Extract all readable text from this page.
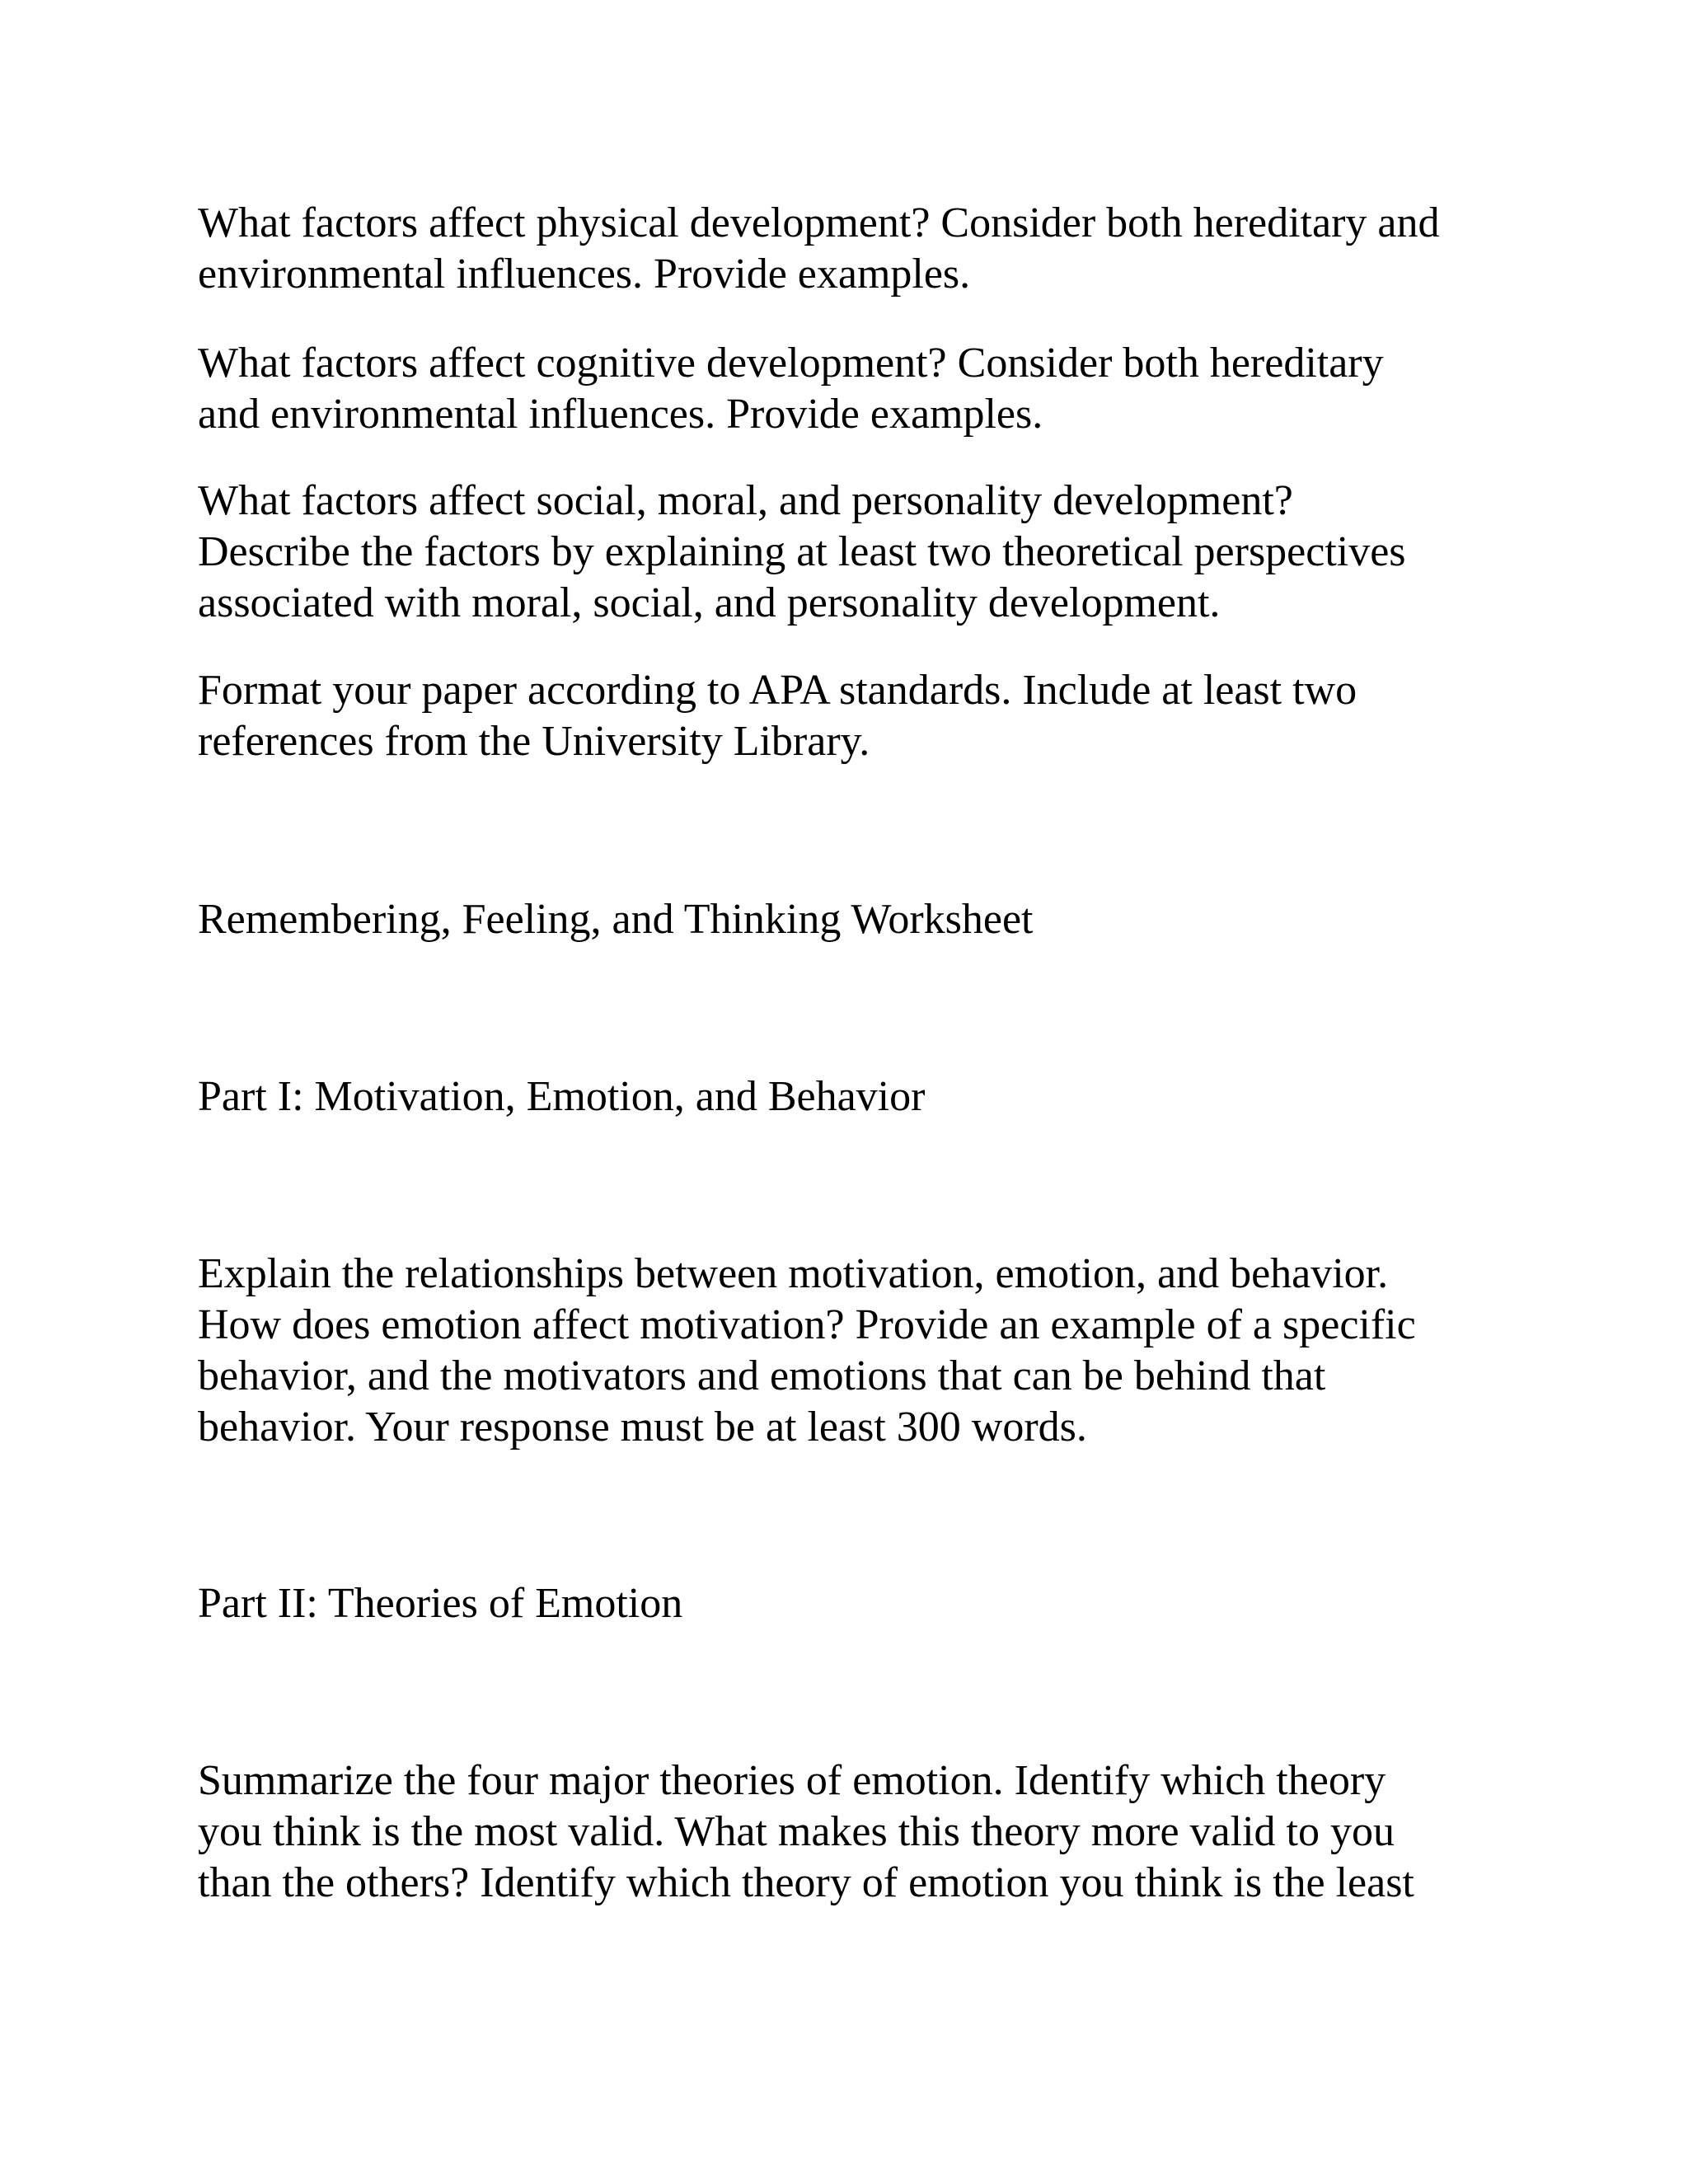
What factors affect physical development? Consider both hereditary and
environmental influences. Provide examples.

What factors affect cognitive development? Consider both hereditary
and environmental influences. Provide examples.

What factors affect social, moral, and personality development?
Describe the factors by explaining at least two theoretical perspectives
associated with moral, social, and personality development.

Format your paper according to APA standards. Include at least two
references from the University Library.

Remembering, Feeling, and Thinking Worksheet

Part I: Motivation, Emotion, and Behavior

Explain the relationships between motivation, emotion, and behavior.
How does emotion affect motivation? Provide an example of a specific
behavior, and the motivators and emotions that can be behind that
behavior. Your response must be at least 300 words.

Part II: Theories of Emotion

Summarize the four major theories of emotion. Identify which theory
you think is the most valid. What makes this theory more valid to you
than the others? Identify which theory of emotion you think is the least
